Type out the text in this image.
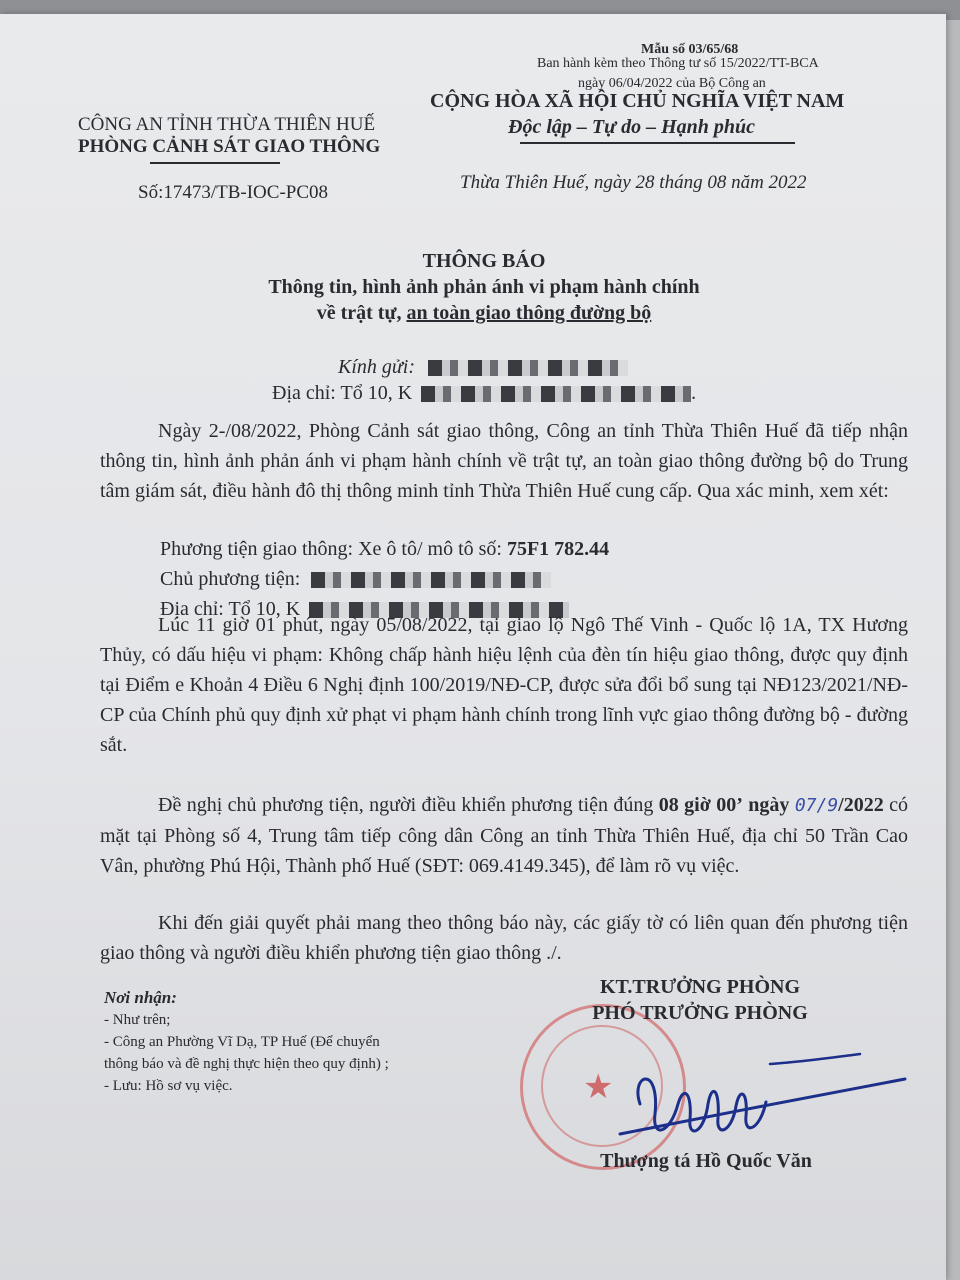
Mẫu số 03/65/68
Ban hành kèm theo Thông tư số 15/2022/TT-BCA
ngày 06/04/2022 của Bộ Công an
CÔNG AN TỈNH THỪA THIÊN HUẾ
PHÒNG CẢNH SÁT GIAO THÔNG
Số:17473/TB-IOC-PC08
CỘNG HÒA XÃ HỘI CHỦ NGHĨA VIỆT NAM
Độc lập – Tự do – Hạnh phúc
Thừa Thiên Huế, ngày 28 tháng 08 năm 2022
THÔNG BÁO
Thông tin, hình ảnh phản ánh vi phạm hành chính
về trật tự, an toàn giao thông đường bộ
Kính gửi:
Địa chỉ: Tổ 10, K	.
Ngày 2-/08/2022, Phòng Cảnh sát giao thông, Công an tỉnh Thừa Thiên Huế đã tiếp nhận thông tin, hình ảnh phản ánh vi phạm hành chính về trật tự, an toàn giao thông đường bộ do Trung tâm giám sát, điều hành đô thị thông minh tỉnh Thừa Thiên Huế cung cấp. Qua xác minh, xem xét:
Phương tiện giao thông: Xe ô tô/ mô tô số: 75F1 782.44
Chủ phương tiện:
Địa chỉ: Tổ 10, K
Lúc 11 giờ 01 phút, ngày 05/08/2022, tại giao lộ Ngô Thế Vinh - Quốc lộ 1A, TX Hương Thủy, có dấu hiệu vi phạm: Không chấp hành hiệu lệnh của đèn tín hiệu giao thông, được quy định tại Điểm e Khoản 4 Điều 6 Nghị định 100/2019/NĐ-CP, được sửa đổi bổ sung tại NĐ123/2021/NĐ-CP của Chính phủ quy định xử phạt vi phạm hành chính trong lĩnh vực giao thông đường bộ - đường sắt.
Đề nghị chủ phương tiện, người điều khiển phương tiện đúng 08 giờ 00’ ngày 07/9/2022 có mặt tại Phòng số 4, Trung tâm tiếp công dân Công an tỉnh Thừa Thiên Huế, địa chỉ 50 Trần Cao Vân, phường Phú Hội, Thành phố Huế (SĐT: 069.4149.345), để làm rõ vụ việc.
Khi đến giải quyết phải mang theo thông báo này, các giấy tờ có liên quan đến phương tiện giao thông và người điều khiển phương tiện giao thông ./.
Nơi nhận:
- Như trên;
- Công an Phường Vĩ Dạ, TP Huế (Để chuyển
thông báo và đề nghị thực hiện theo quy định) ;
- Lưu: Hồ sơ vụ việc.	★
KT.TRƯỞNG PHÒNG
PHÓ TRƯỞNG PHÒNG
Thượng tá Hồ Quốc Văn
